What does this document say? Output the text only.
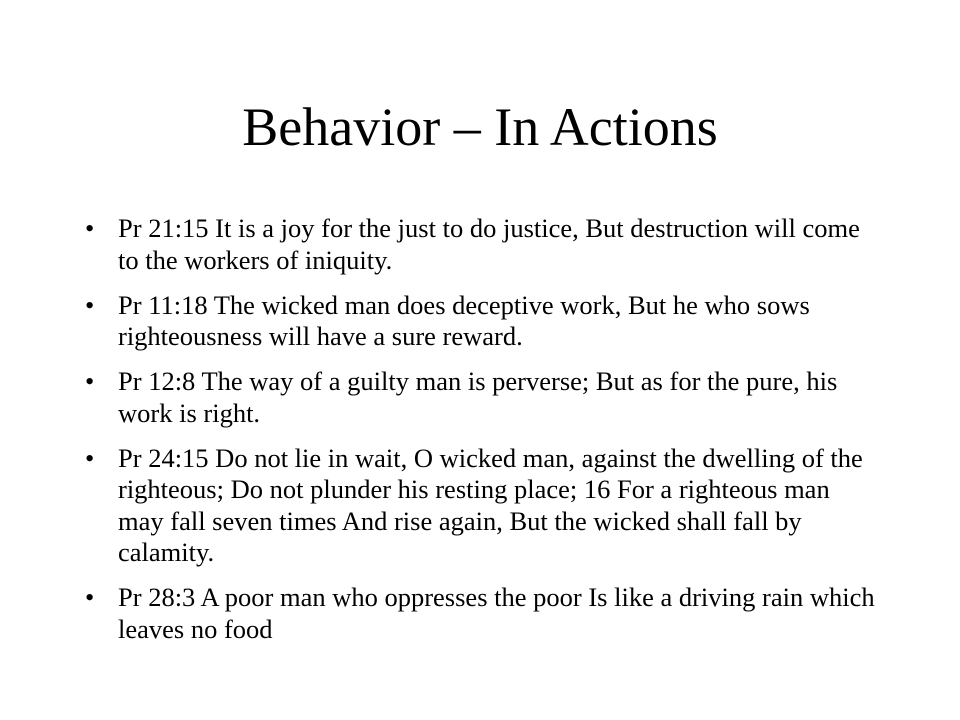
Behavior – In Actions
• Pr 21:15 It is a joy for the just to do justice, But destruction will come to the workers of iniquity.
• Pr 11:18 The wicked man does deceptive work, But he who sows righteousness will have a sure reward.
• Pr 12:8 The way of a guilty man is perverse; But as for the pure, his work is right.
• Pr 24:15 Do not lie in wait, O wicked man, against the dwelling of the righteous; Do not plunder his resting place; 16 For a righteous man may fall seven times And rise again, But the wicked shall fall by calamity.
• Pr 28:3 A poor man who oppresses the poor Is like a driving rain which leaves no food
